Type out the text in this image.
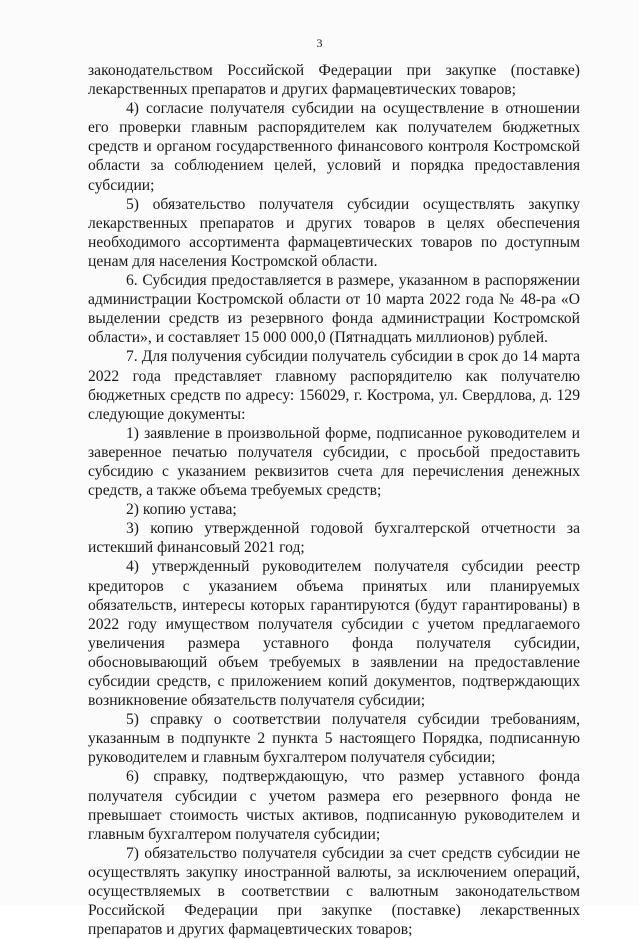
3

законодательством Российской Федерации при закупке (поставке) лекарственных препаратов и других фармацевтических товаров;

4) согласие получателя субсидии на осуществление в отношении его проверки главным распорядителем как получателем бюджетных средств и органом государственного финансового контроля Костромской области за соблюдением целей, условий и порядка предоставления субсидии;

5) обязательство получателя субсидии осуществлять закупку лекарственных препаратов и других товаров в целях обеспечения необходимого ассортимента фармацевтических товаров по доступным ценам для населения Костромской области.

6. Субсидия предоставляется в размере, указанном в распоряжении администрации Костромской области от 10 марта 2022 года № 48-ра «О выделении средств из резервного фонда администрации Костромской области», и составляет 15 000 000,0 (Пятнадцать миллионов) рублей.

7. Для получения субсидии получатель субсидии в срок до 14 марта 2022 года представляет главному распорядителю как получателю бюджетных средств по адресу: 156029, г. Кострома, ул. Свердлова, д. 129 следующие документы:

1) заявление в произвольной форме, подписанное руководителем и заверенное печатью получателя субсидии, с просьбой предоставить субсидию с указанием реквизитов счета для перечисления денежных средств, а также объема требуемых средств;

2) копию устава;

3) копию утвержденной годовой бухгалтерской отчетности за истекший финансовый 2021 год;

4) утвержденный руководителем получателя субсидии реестр кредиторов с указанием объема принятых или планируемых обязательств, интересы которых гарантируются (будут гарантированы) в 2022 году имуществом получателя субсидии с учетом предлагаемого увеличения размера уставного фонда получателя субсидии, обосновывающий объем требуемых в заявлении на предоставление субсидии средств, с приложением копий документов, подтверждающих возникновение обязательств получателя субсидии;

5) справку о соответствии получателя субсидии требованиям, указанным в подпункте 2 пункта 5 настоящего Порядка, подписанную руководителем и главным бухгалтером получателя субсидии;

6) справку, подтверждающую, что размер уставного фонда получателя субсидии с учетом размера его резервного фонда не превышает стоимость чистых активов, подписанную руководителем и главным бухгалтером получателя субсидии;

7) обязательство получателя субсидии за счет средств субсидии не осуществлять закупку иностранной валюты, за исключением операций, осуществляемых в соответствии с валютным законодательством Российской Федерации при закупке (поставке) лекарственных препаратов и других фармацевтических товаров;
